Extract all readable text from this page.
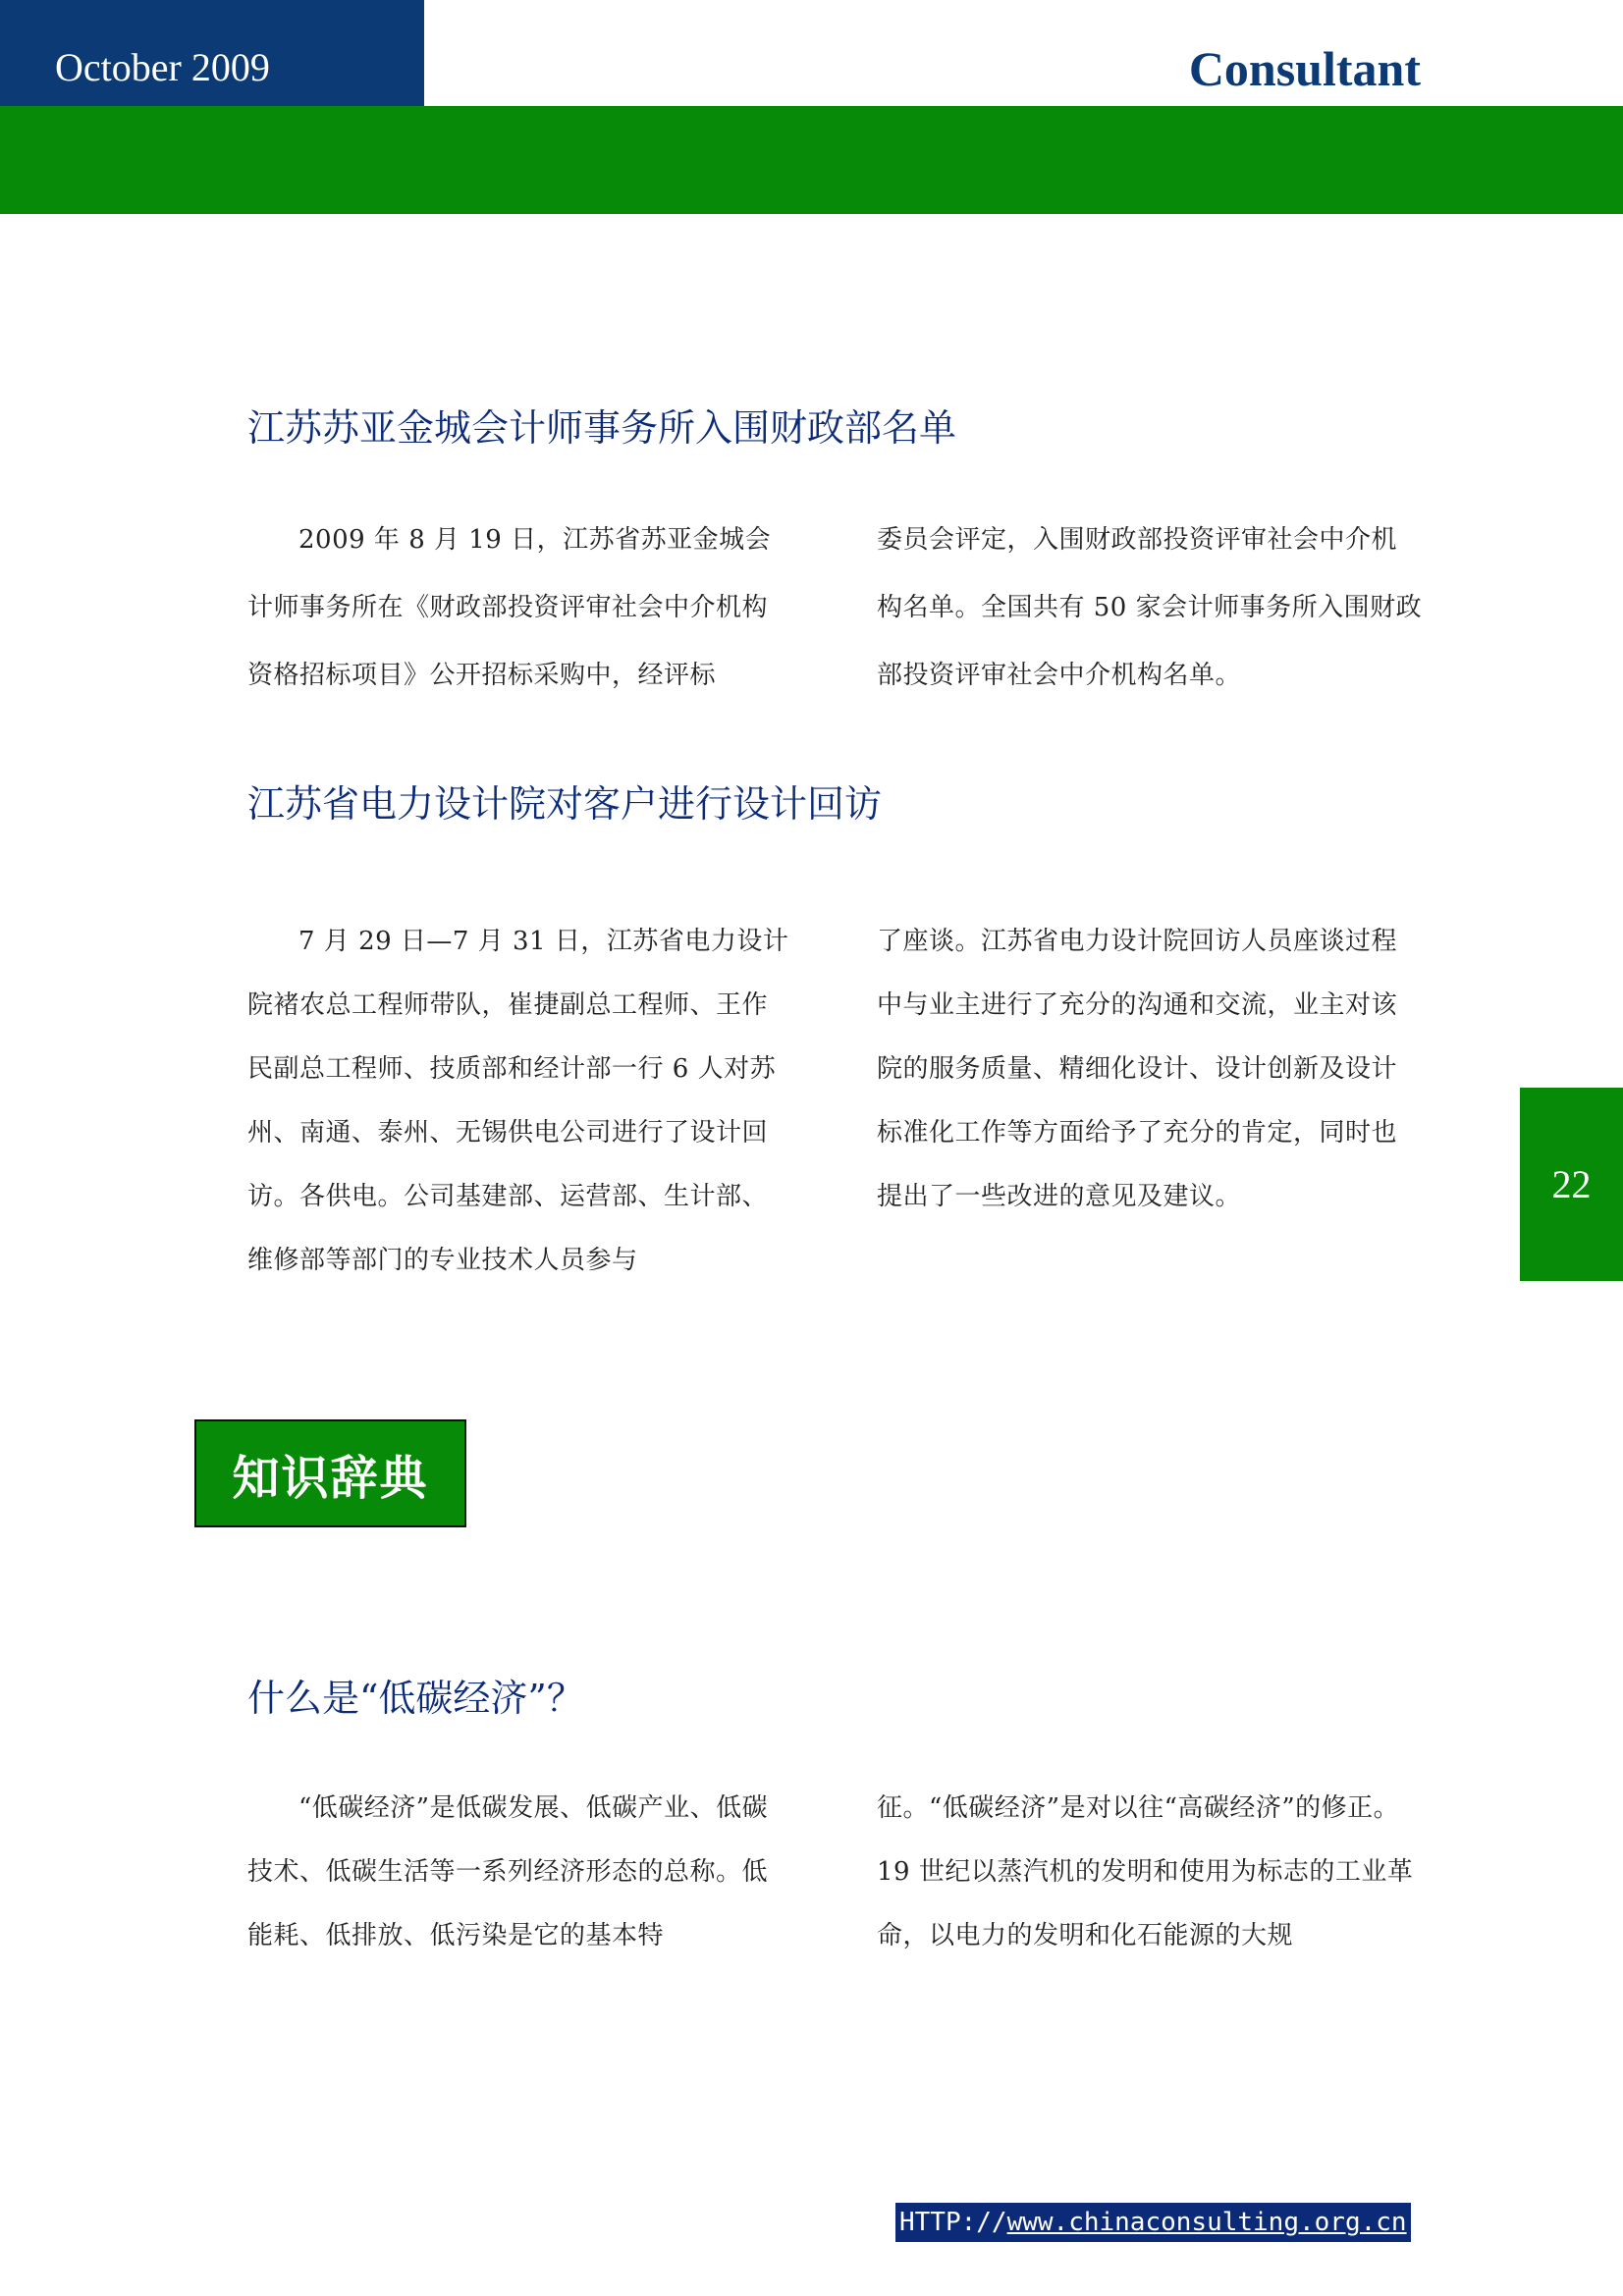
October 2009	Consultant
江苏苏亚金城会计师事务所入围财政部名单

2009 年 8 月 19 日，江苏省苏亚金城会计师事务所在《财政部投资评审社会中介机构资格招标项目》公开招标采购中，经评标

委员会评定，入围财政部投资评审社会中介机构名单。全国共有 50 家会计师事务所入围财政部投资评审社会中介机构名单。

江苏省电力设计院对客户进行设计回访

7 月 29 日—7 月 31 日，江苏省电力设计院褚农总工程师带队，崔捷副总工程师、王作民副总工程师、技质部和经计部一行 6 人对苏州、南通、泰州、无锡供电公司进行了设计回访。各供电。公司基建部、运营部、生计部、维修部等部门的专业技术人员参与

了座谈。江苏省电力设计院回访人员座谈过程中与业主进行了充分的沟通和交流，业主对该院的服务质量、精细化设计、设计创新及设计标准化工作等方面给予了充分的肯定，同时也提出了一些改进的意见及建议。	22
知识辞典
什么是“低碳经济”？

“低碳经济”是低碳发展、低碳产业、低碳技术、低碳生活等一系列经济形态的总称。低能耗、低排放、低污染是它的基本特

征。“低碳经济”是对以往“高碳经济”的修正。19 世纪以蒸汽机的发明和使用为标志的工业革命，以电力的发明和化石能源的大规

HTTP://www.chinaconsulting.org.cn
